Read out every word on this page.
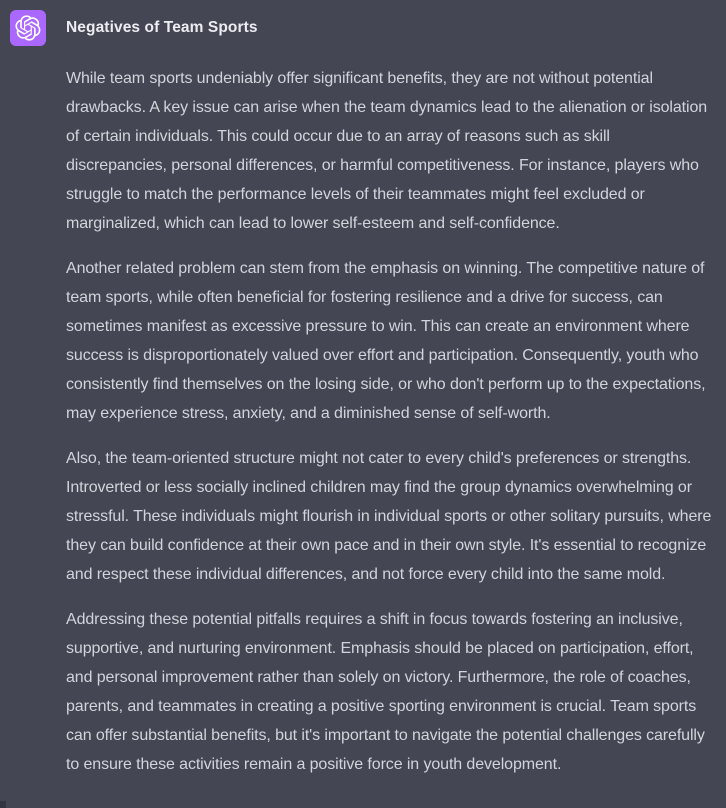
Negatives of Team Sports

While team sports undeniably offer significant benefits, they are not without potential drawbacks. A key issue can arise when the team dynamics lead to the alienation or isolation of certain individuals. This could occur due to an array of reasons such as skill discrepancies, personal differences, or harmful competitiveness. For instance, players who struggle to match the performance levels of their teammates might feel excluded or marginalized, which can lead to lower self-esteem and self-confidence.

Another related problem can stem from the emphasis on winning. The competitive nature of team sports, while often beneficial for fostering resilience and a drive for success, can sometimes manifest as excessive pressure to win. This can create an environment where success is disproportionately valued over effort and participation. Consequently, youth who consistently find themselves on the losing side, or who don't perform up to the expectations, may experience stress, anxiety, and a diminished sense of self-worth.

Also, the team-oriented structure might not cater to every child's preferences or strengths. Introverted or less socially inclined children may find the group dynamics overwhelming or stressful. These individuals might flourish in individual sports or other solitary pursuits, where they can build confidence at their own pace and in their own style. It's essential to recognize and respect these individual differences, and not force every child into the same mold.

Addressing these potential pitfalls requires a shift in focus towards fostering an inclusive, supportive, and nurturing environment. Emphasis should be placed on participation, effort, and personal improvement rather than solely on victory. Furthermore, the role of coaches, parents, and teammates in creating a positive sporting environment is crucial. Team sports can offer substantial benefits, but it's important to navigate the potential challenges carefully to ensure these activities remain a positive force in youth development.
